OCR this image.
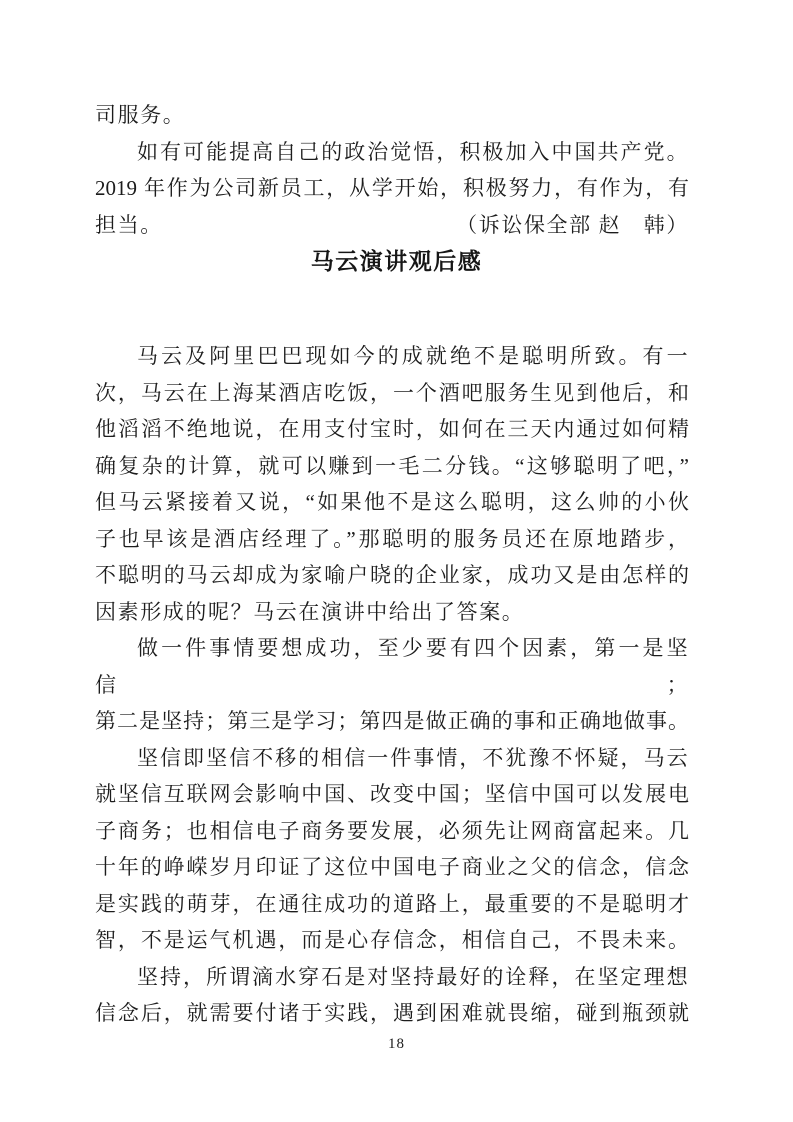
司服务。
如有可能提高自己的政治觉悟，积极加入中国共产党。
2019 年作为公司新员工，从学开始，积极努力，有作为，有
担当。	（诉讼保全部 赵　韩）
马云演讲观后感
马云及阿里巴巴现如今的成就绝不是聪明所致。有一
次，马云在上海某酒店吃饭，一个酒吧服务生见到他后，和
他滔滔不绝地说，在用支付宝时，如何在三天内通过如何精
确复杂的计算，就可以赚到一毛二分钱。“这够聪明了吧，”
但马云紧接着又说，“如果他不是这么聪明，这么帅的小伙
子也早该是酒店经理了。”那聪明的服务员还在原地踏步，
不聪明的马云却成为家喻户晓的企业家，成功又是由怎样的
因素形成的呢？马云在演讲中给出了答案。
做一件事情要想成功，至少要有四个因素，第一是坚信；
第二是坚持；第三是学习；第四是做正确的事和正确地做事。
坚信即坚信不移的相信一件事情，不犹豫不怀疑，马云
就坚信互联网会影响中国、改变中国；坚信中国可以发展电
子商务；也相信电子商务要发展，必须先让网商富起来。几
十年的峥嵘岁月印证了这位中国电子商业之父的信念，信念
是实践的萌芽，在通往成功的道路上，最重要的不是聪明才
智，不是运气机遇，而是心存信念，相信自己，不畏未来。
坚持，所谓滴水穿石是对坚持最好的诠释，在坚定理想
信念后，就需要付诸于实践，遇到困难就畏缩，碰到瓶颈就
18
